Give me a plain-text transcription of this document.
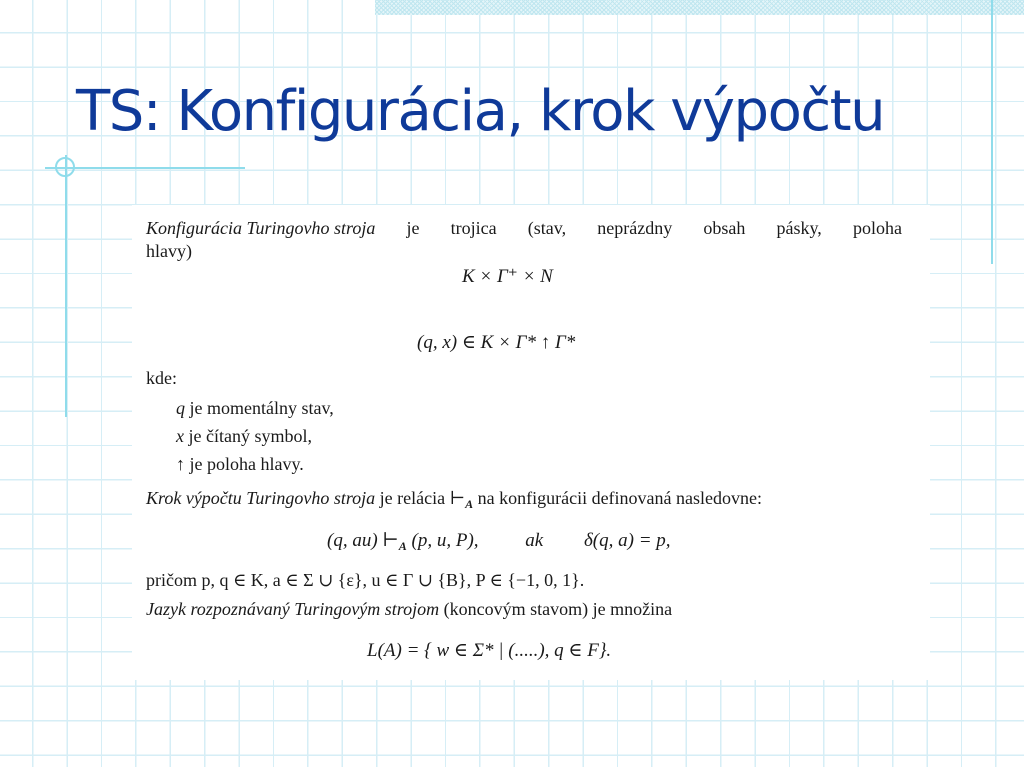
TS: Konfigurácia, krok výpočtu
Konfigurácia Turingovho stroja je trojica (stav, neprázdny obsah pásky, poloha
hlavy)
K × Γ⁺ × N
(q, x) ∈ K × Γ* ↑ Γ*
kde:
q je momentálny stav,
x je čítaný symbol,
↑ je poloha hlavy.
Krok výpočtu Turingovho stroja je relácia $⊢_A$ na konfigurácii definovaná nasledovne:
(q, au) $⊢_A$ (p, u, P), ak δ(q, a) = p,
pričom p, q ∈ K, a ∈ Σ ∪ {ε}, u ∈ Γ ∪ {B}, P ∈ {−1, 0, 1}.
Jazyk rozpoznávaný Turingovým strojom (koncovým stavom) je množina
L(A) = { w ∈ Σ* | (.....), q ∈ F}.
